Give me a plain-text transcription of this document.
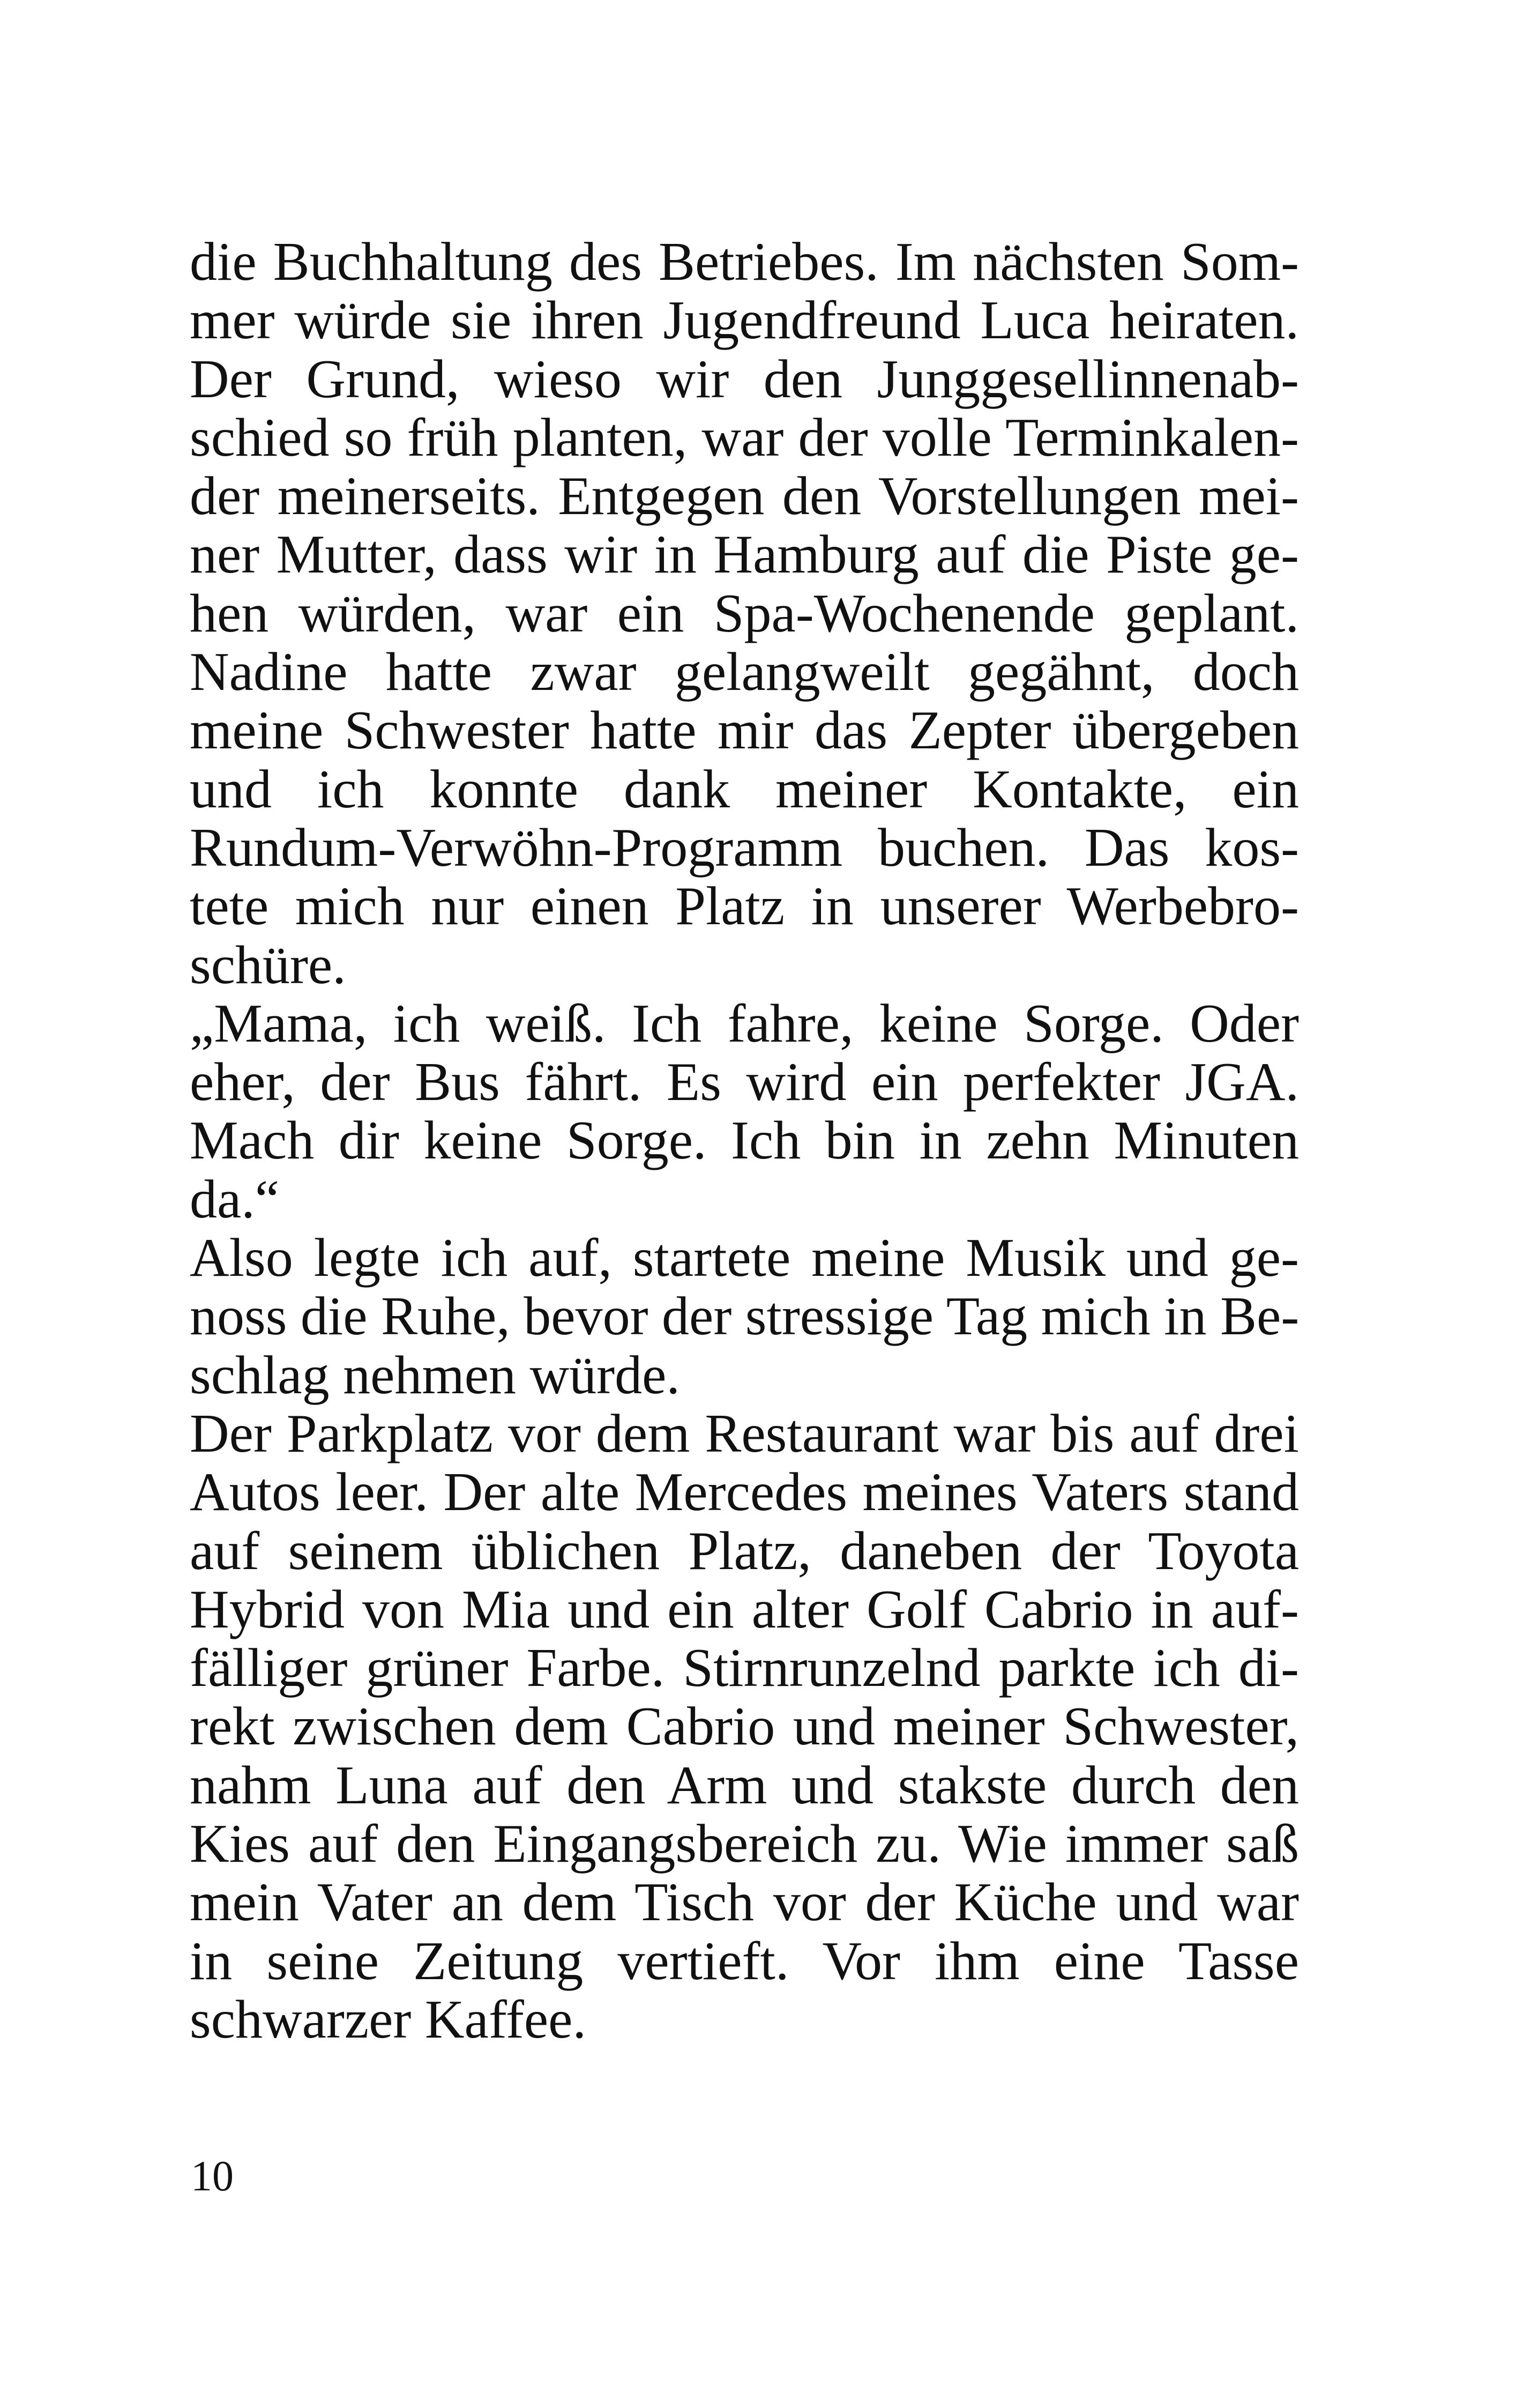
die Buchhaltung des Betriebes. Im nächsten Som-
mer würde sie ihren Jugendfreund Luca heiraten.
Der Grund, wieso wir den Junggesellinnenab-
schied so früh planten, war der volle Terminkalen-
der meinerseits. Entgegen den Vorstellungen mei-
ner Mutter, dass wir in Hamburg auf die Piste ge-
hen würden, war ein Spa-Wochenende geplant.
Nadine hatte zwar gelangweilt gegähnt, doch
meine Schwester hatte mir das Zepter übergeben
und ich konnte dank meiner Kontakte, ein
Rundum-Verwöhn-Programm buchen. Das kos-
tete mich nur einen Platz in unserer Werbebro-
schüre.
„Mama, ich weiß. Ich fahre, keine Sorge. Oder
eher, der Bus fährt. Es wird ein perfekter JGA.
Mach dir keine Sorge. Ich bin in zehn Minuten
da.“
Also legte ich auf, startete meine Musik und ge-
noss die Ruhe, bevor der stressige Tag mich in Be-
schlag nehmen würde.
Der Parkplatz vor dem Restaurant war bis auf drei
Autos leer. Der alte Mercedes meines Vaters stand
auf seinem üblichen Platz, daneben der Toyota
Hybrid von Mia und ein alter Golf Cabrio in auf-
fälliger grüner Farbe. Stirnrunzelnd parkte ich di-
rekt zwischen dem Cabrio und meiner Schwester,
nahm Luna auf den Arm und stakste durch den
Kies auf den Eingangsbereich zu. Wie immer saß
mein Vater an dem Tisch vor der Küche und war
in seine Zeitung vertieft. Vor ihm eine Tasse
schwarzer Kaffee.
10
